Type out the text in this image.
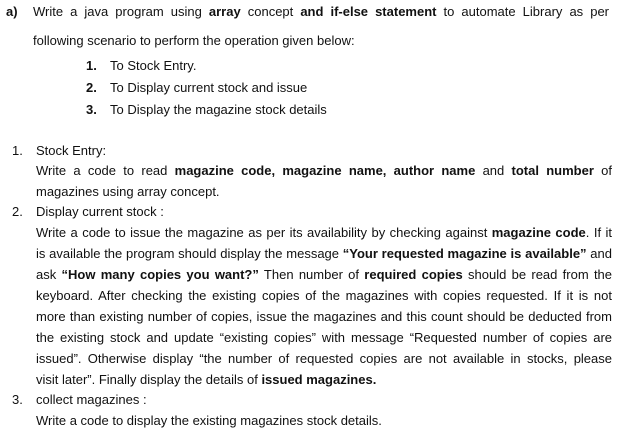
a) Write a java program using array concept and if-else statement to automate Library as per
following scenario to perform the operation given below:
1. To Stock Entry.
2. To Display current stock and issue
3. To Display the magazine stock details
1. Stock Entry:
Write a code to read magazine code, magazine name, author name and total number of
magazines using array concept.
2. Display current stock :
Write a code to issue the magazine as per its availability by checking against magazine code. If it
is available the program should display the message “Your requested magazine is available” and
ask “How many copies you want?” Then number of required copies should be read from the
keyboard. After checking the existing copies of the magazines with copies requested. If it is not
more than existing number of copies, issue the magazines and this count should be deducted from
the existing stock and update “existing copies” with message “Requested number of copies are
issued”. Otherwise display “the number of requested copies are not available in stocks, please
visit later”. Finally display the details of issued magazines.
3. collect magazines :
Write a code to display the existing magazines stock details.
